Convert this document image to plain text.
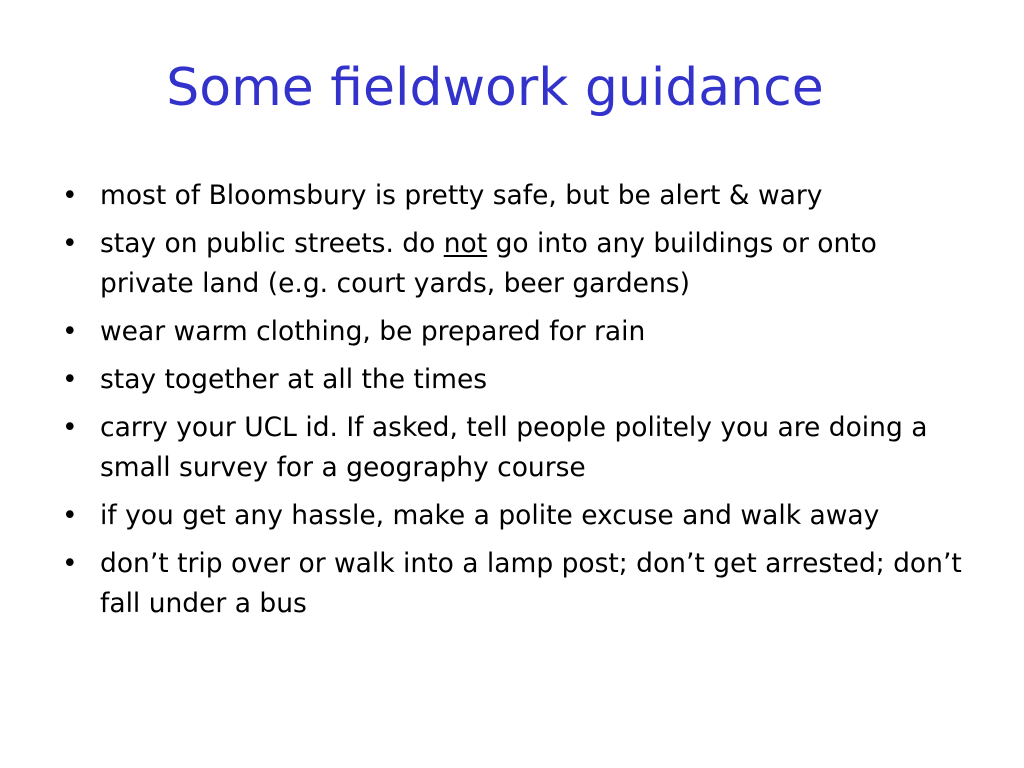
Some fieldwork guidance
• most of Bloomsbury is pretty safe, but be alert & wary
• stay on public streets. do not go into any buildings or onto private land (e.g. court yards, beer gardens)
• wear warm clothing, be prepared for rain
• stay together at all the times
• carry your UCL id. If asked, tell people politely you are doing a small survey for a geography course
• if you get any hassle, make a polite excuse and walk away
• don’t trip over or walk into a lamp post; don’t get arrested; don’t fall under a bus
